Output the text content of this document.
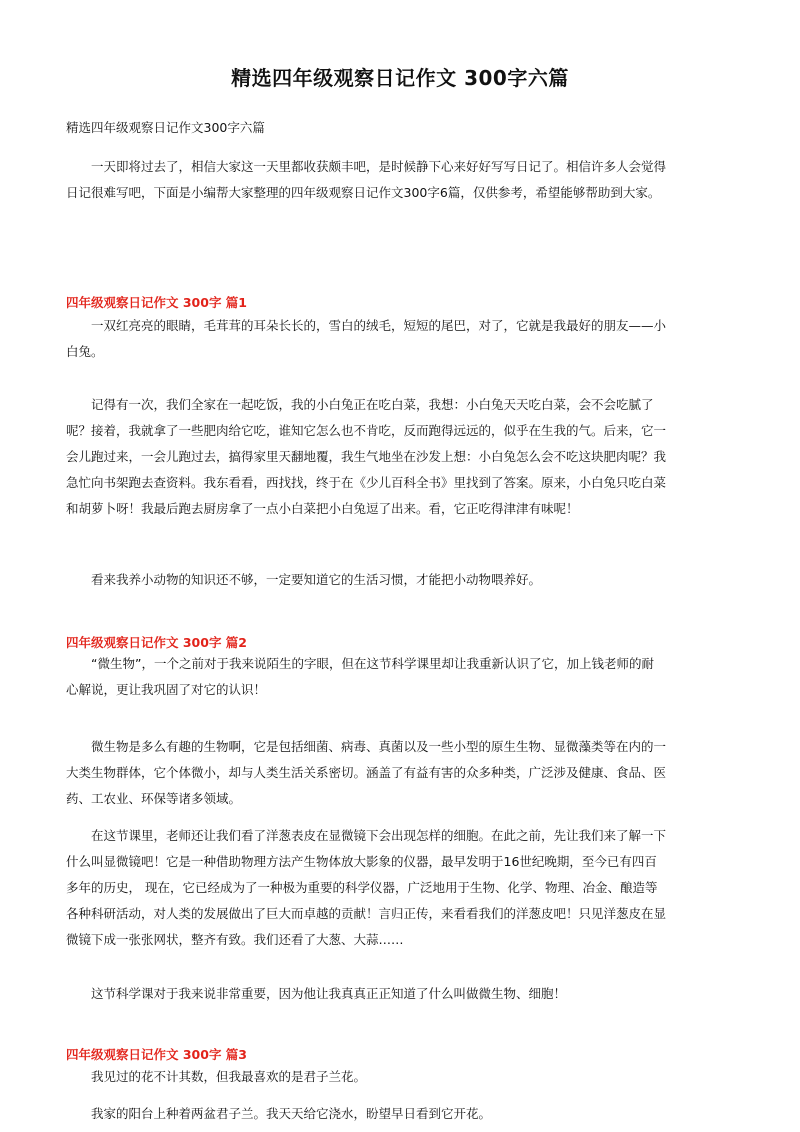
精选四年级观察日记作文 300字六篇
精选四年级观察日记作文300字六篇
一天即将过去了，相信大家这一天里都收获颇丰吧，是时候静下心来好好写写日记了。相信许多人会觉得日记很难写吧，下面是小编帮大家整理的四年级观察日记作文300字6篇，仅供参考，希望能够帮助到大家。
四年级观察日记作文 300字 篇1
一双红亮亮的眼睛，毛茸茸的耳朵长长的，雪白的绒毛，短短的尾巴，对了，它就是我最好的朋友——小白兔。
记得有一次，我们全家在一起吃饭，我的小白兔正在吃白菜，我想：小白兔天天吃白菜，会不会吃腻了呢？接着，我就拿了一些肥肉给它吃，谁知它怎么也不肯吃，反而跑得远远的，似乎在生我的气。后来，它一会儿跑过来，一会儿跑过去，搞得家里天翻地覆，我生气地坐在沙发上想：小白兔怎么会不吃这块肥肉呢？我急忙向书架跑去查资料。我东看看，西找找，终于在《少儿百科全书》里找到了答案。原来，小白兔只吃白菜和胡萝卜呀！我最后跑去厨房拿了一点小白菜把小白兔逗了出来。看，它正吃得津津有味呢！
看来我养小动物的知识还不够，一定要知道它的生活习惯，才能把小动物喂养好。
四年级观察日记作文 300字 篇2
“微生物”，一个之前对于我来说陌生的字眼，但在这节科学课里却让我重新认识了它，加上钱老师的耐心解说，更让我巩固了对它的认识！
微生物是多么有趣的生物啊，它是包括细菌、病毒、真菌以及一些小型的原生生物、显微藻类等在内的一大类生物群体，它个体微小，却与人类生活关系密切。涵盖了有益有害的众多种类，广泛涉及健康、食品、医药、工农业、环保等诸多领域。
在这节课里，老师还让我们看了洋葱表皮在显微镜下会出现怎样的细胞。在此之前，先让我们来了解一下什么叫显微镜吧！它是一种借助物理方法产生物体放大影象的仪器，最早发明于16世纪晚期，至今已有四百多年的历史， 现在，它已经成为了一种极为重要的科学仪器，广泛地用于生物、化学、物理、冶金、酿造等各种科研活动，对人类的发展做出了巨大而卓越的贡献！言归正传，来看看我们的洋葱皮吧！只见洋葱皮在显微镜下成一张张网状，整齐有致。我们还看了大葱、大蒜……
这节科学课对于我来说非常重要，因为他让我真真正正知道了什么叫做微生物、细胞！
四年级观察日记作文 300字 篇3
我见过的花不计其数，但我最喜欢的是君子兰花。
我家的阳台上种着两盆君子兰。我天天给它浇水，盼望早日看到它开花。
